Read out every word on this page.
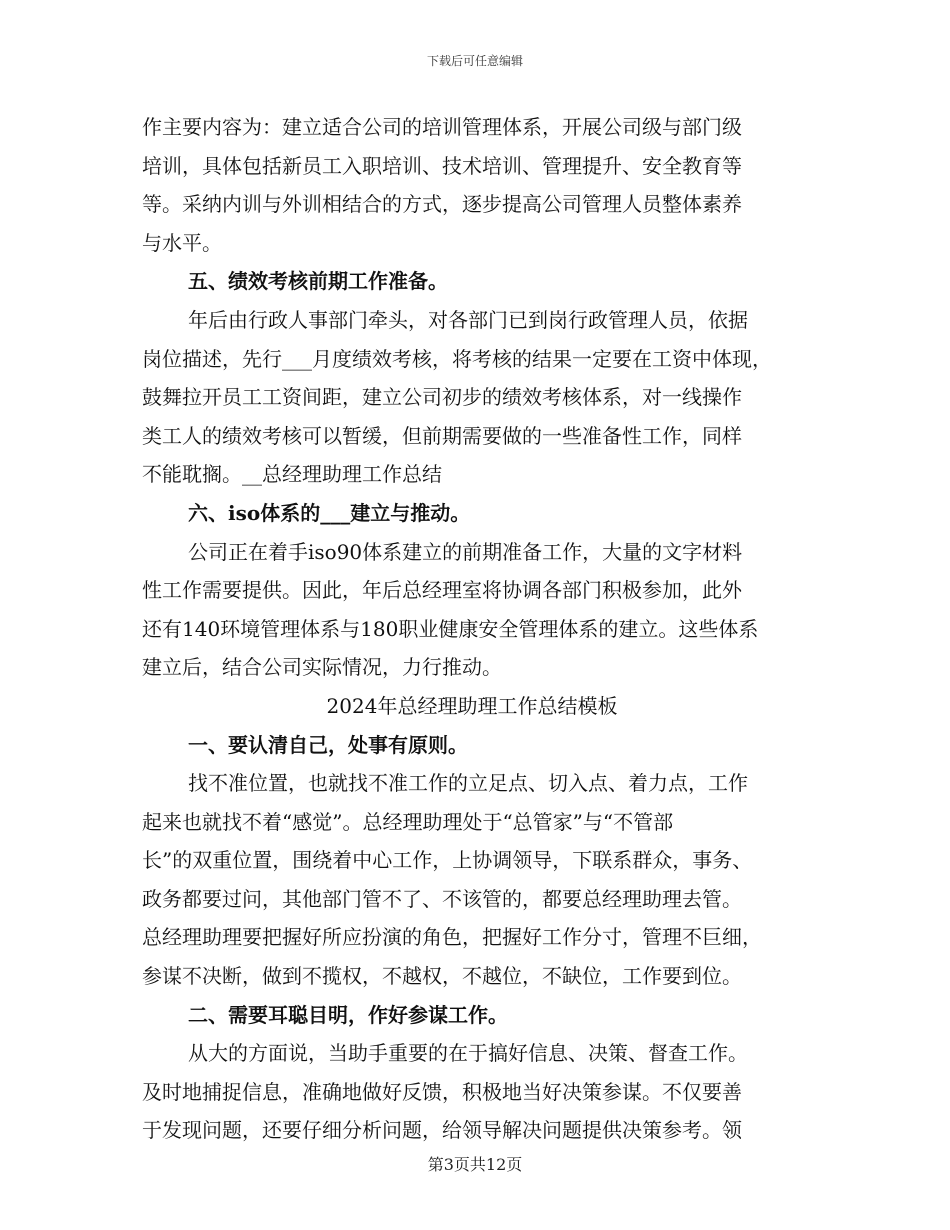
下载后可任意编辑
作主要内容为：建立适合公司的培训管理体系，开展公司级与部门级
培训，具体包括新员工入职培训、技术培训、管理提升、安全教育等
等。采纳内训与外训相结合的方式，逐步提高公司管理人员整体素养
与水平。
五、绩效考核前期工作准备。
年后由行政人事部门牵头，对各部门已到岗行政管理人员，依据
岗位描述，先行___月度绩效考核，将考核的结果一定要在工资中体现，
鼓舞拉开员工工资间距，建立公司初步的绩效考核体系，对一线操作
类工人的绩效考核可以暂缓，但前期需要做的一些准备性工作，同样
不能耽搁。__总经理助理工作总结
六、iso体系的___建立与推动。
公司正在着手iso90体系建立的前期准备工作，大量的文字材料
性工作需要提供。因此，年后总经理室将协调各部门积极参加，此外
还有140环境管理体系与180职业健康安全管理体系的建立。这些体系
建立后，结合公司实际情况，力行推动。
2024年总经理助理工作总结模板
一、要认清自己，处事有原则。
找不准位置，也就找不准工作的立足点、切入点、着力点，工作
起来也就找不着“感觉”。总经理助理处于“总管家”与“不管部
长”的双重位置，围绕着中心工作，上协调领导，下联系群众，事务、
政务都要过问，其他部门管不了、不该管的，都要总经理助理去管。
总经理助理要把握好所应扮演的角色，把握好工作分寸，管理不巨细，
参谋不决断，做到不揽权，不越权，不越位，不缺位，工作要到位。
二、需要耳聪目明，作好参谋工作。
从大的方面说，当助手重要的在于搞好信息、决策、督查工作。
及时地捕捉信息，准确地做好反馈，积极地当好决策参谋。不仅要善
于发现问题，还要仔细分析问题，给领导解决问题提供决策参考。领
第3页共12页
